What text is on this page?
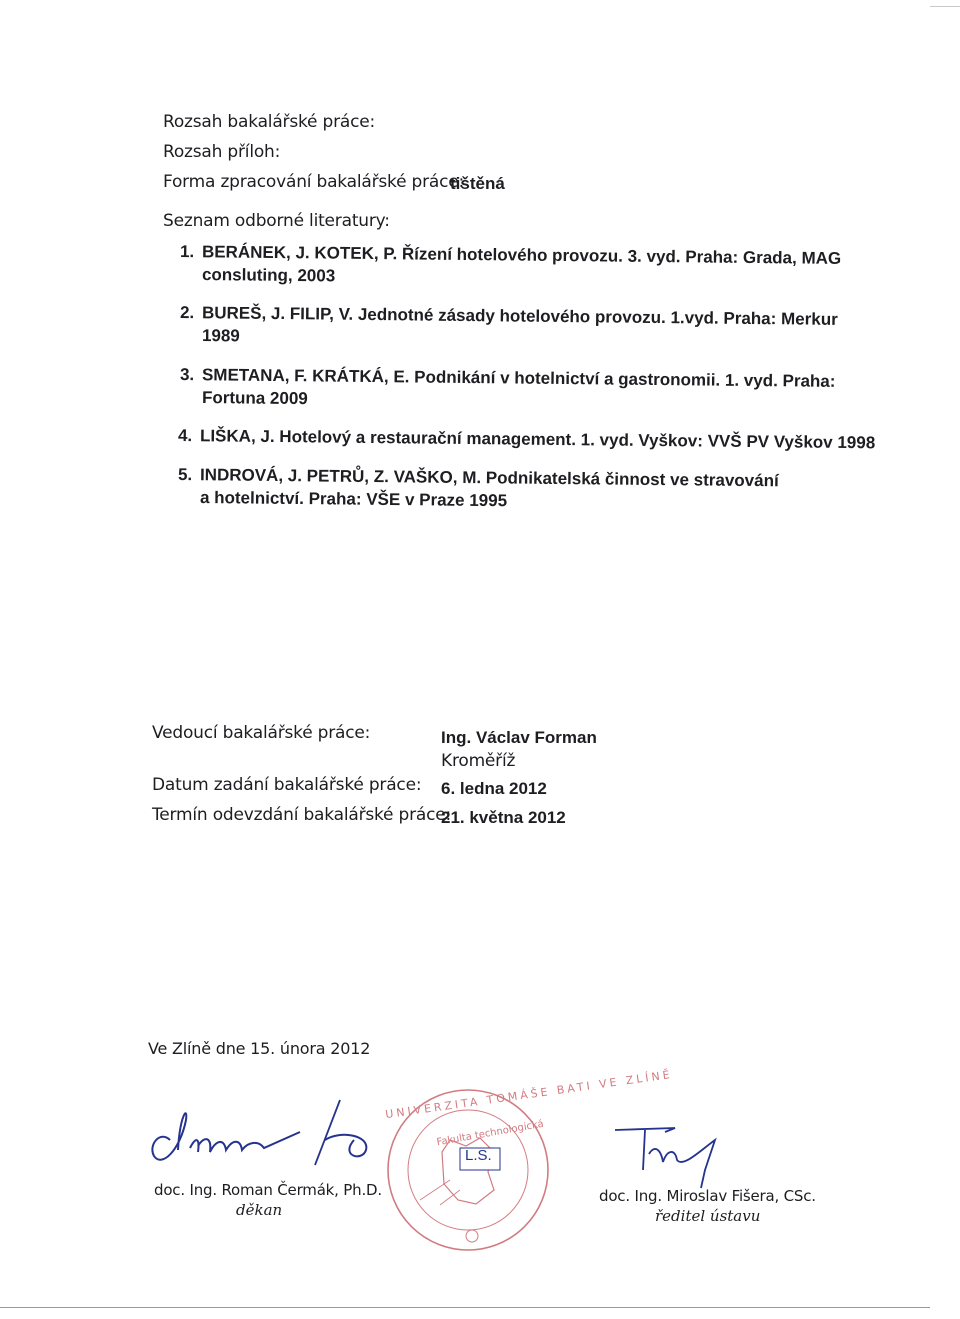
Rozsah bakalářské práce:
Rozsah příloh:
Forma zpracování bakalářské práce:
tištěná
Seznam odborné literatury:
1. BERÁNEK, J. KOTEK, P. Řízení hotelového provozu. 3. vyd. Praha: Grada, MAG
consluting, 2003
2. BUREŠ, J. FILIP, V. Jednotné zásady hotelového provozu. 1.vyd. Praha: Merkur
1989
3. SMETANA, F. KRÁTKÁ, E. Podnikání v hotelnictví a gastronomii. 1. vyd. Praha:
Fortuna 2009
4. LIŠKA, J. Hotelový a restaurační management. 1. vyd. Vyškov: VVŠ PV Vyškov 1998
5. INDROVÁ, J. PETRŮ, Z. VAŠKO, M. Podnikatelská činnost ve stravování
a hotelnictví. Praha: VŠE v Praze 1995
Vedoucí bakalářské práce:	Ing. Václav Forman
Kroměříž
Datum zadání bakalářské práce: 6. ledna 2012
Termín odevzdání bakalářské práce:
21. května 2012
Ve Zlíně dne 15. února 2012
doc. Ing. Roman Čermák, Ph.D.
děkan
UNIVERZITA TOMÁŠE BATI VE ZLÍNĚ
Fakulta technologická
L.S.
doc. Ing. Miroslav Fišera, CSc.
ředitel ústavu
